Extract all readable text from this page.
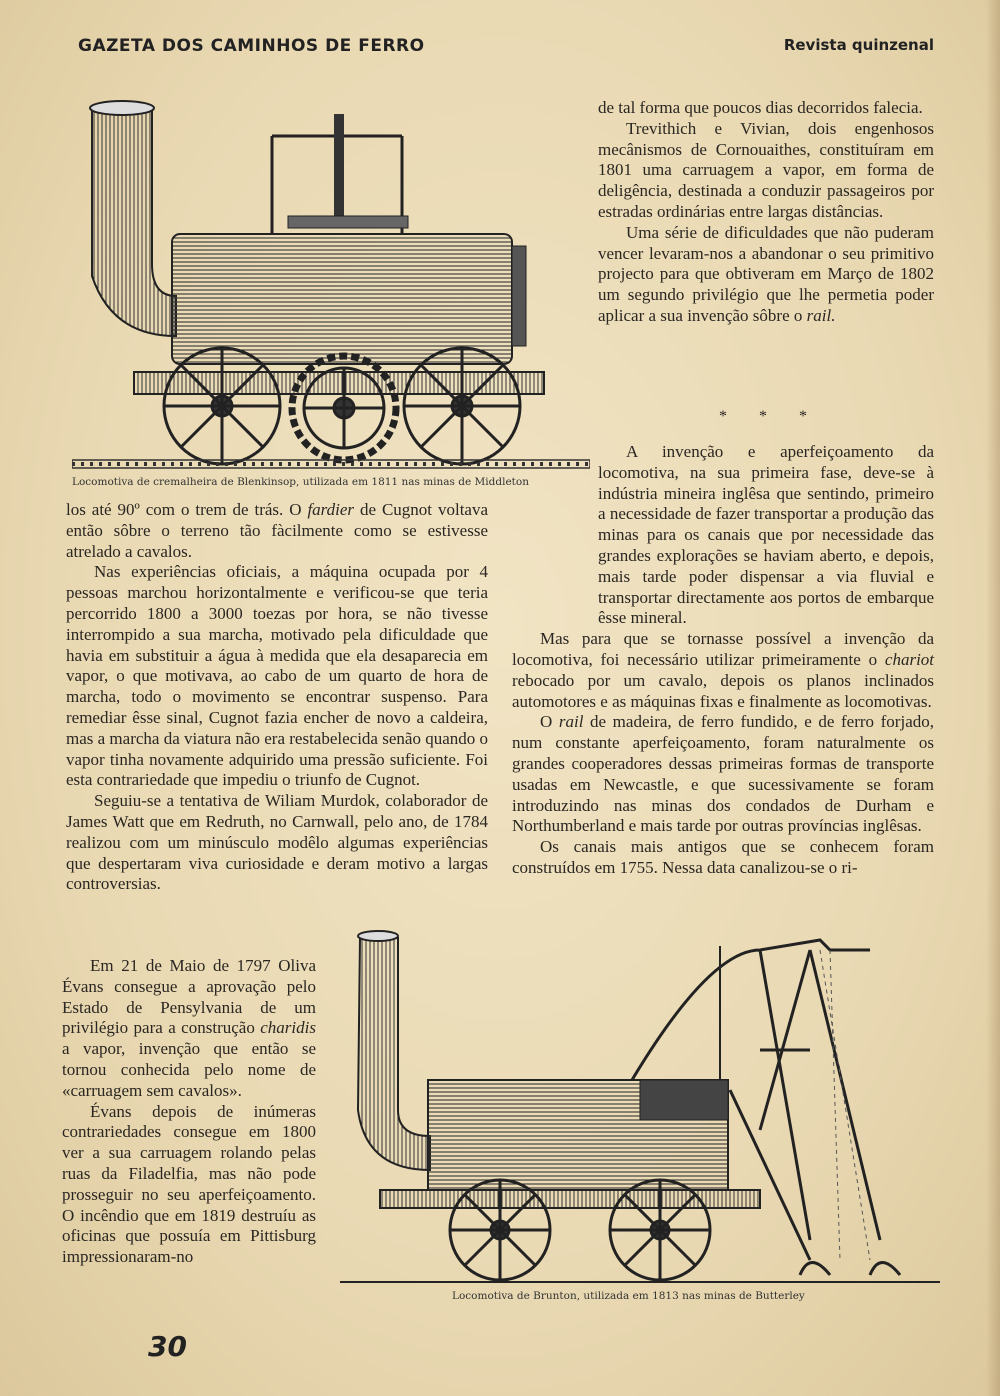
GAZETA DOS CAMINHOS DE FERRO	Revista quinzenal
Locomotiva de cremalheira de Blenkinsop, utilizada em 1811 nas minas de Middleton

de tal forma que poucos dias decorridos falecia.

Trevithich e Vivian, dois engenhosos mecânismos de Cornouaithes, constituíram em 1801 uma carruagem a vapor, em forma de deligência, destinada a conduzir passageiros por estradas ordinárias entre largas distâncias.

Uma série de dificuldades que não puderam vencer levaram-nos a abandonar o seu primitivo projecto para que obtiveram em Março de 1802 um segundo privilégio que lhe permetia poder aplicar a sua invenção sôbre o rail.

* * *

A invenção e aperfeiçoamento da locomotiva, na sua primeira fase, deve-se à indústria mineira inglêsa que sentindo, primeiro a necessidade de fazer transportar a produção das minas para os canais que por necessidade das grandes explorações se haviam aberto, e depois, mais tarde poder dispensar a via fluvial e transportar directamente aos portos de embarque êsse mineral.

Mas para que se tornasse possível a invenção da locomotiva, foi necessário utilizar primeiramente o chariot rebocado por um cavalo, depois os planos inclinados automotores e as máquinas fixas e finalmente as locomotivas.

O rail de madeira, de ferro fundido, e de ferro forjado, num constante aperfeiçoamento, foram naturalmente os grandes cooperadores dessas primeiras formas de transporte usadas em Newcastle, e que sucessivamente se foram introduzindo nas minas dos condados de Durham e Northumberland e mais tarde por outras províncias inglêsas.

Os canais mais antigos que se conhecem foram construídos em 1755. Nessa data canalizou-se o ri-

los até 90º com o trem de trás. O fardier de Cugnot voltava então sôbre o terreno tão fàcilmente como se estivesse atrelado a cavalos.

Nas experiências oficiais, a máquina ocupada por 4 pessoas marchou horizontalmente e verificou-se que teria percorrido 1800 a 3000 toezas por hora, se não tivesse interrompido a sua marcha, motivado pela dificuldade que havia em substituir a água à medida que ela desaparecia em vapor, o que motivava, ao cabo de um quarto de hora de marcha, todo o movimento se encontrar suspenso. Para remediar êsse sinal, Cugnot fazia encher de novo a caldeira, mas a marcha da viatura não era restabelecida senão quando o vapor tinha novamente adquirido uma pressão suficiente. Foi esta contrariedade que impediu o triunfo de Cugnot.

Seguiu-se a tentativa de Wiliam Murdok, colaborador de James Watt que em Redruth, no Carnwall, pelo ano, de 1784 realizou com um minúsculo modêlo algumas experiências que despertaram viva curiosidade e deram motivo a largas controversias.

Em 21 de Maio de 1797 Oliva Évans consegue a aprovação pelo Estado de Pensylvania de um privilégio para a construção charidis a vapor, invenção que então se tornou conhecida pelo nome de «carruagem sem cavalos».

Évans depois de inúmeras contrariedades consegue em 1800 ver a sua carruagem rolando pelas ruas da Filadelfia, mas não pode prosseguir no seu aperfeiçoamento. O incêndio que em 1819 destruíu as oficinas que possuía em Pittisburg impressionaram-no

Locomotiva de Brunton, utilizada em 1813 nas minas de Butterley
30
